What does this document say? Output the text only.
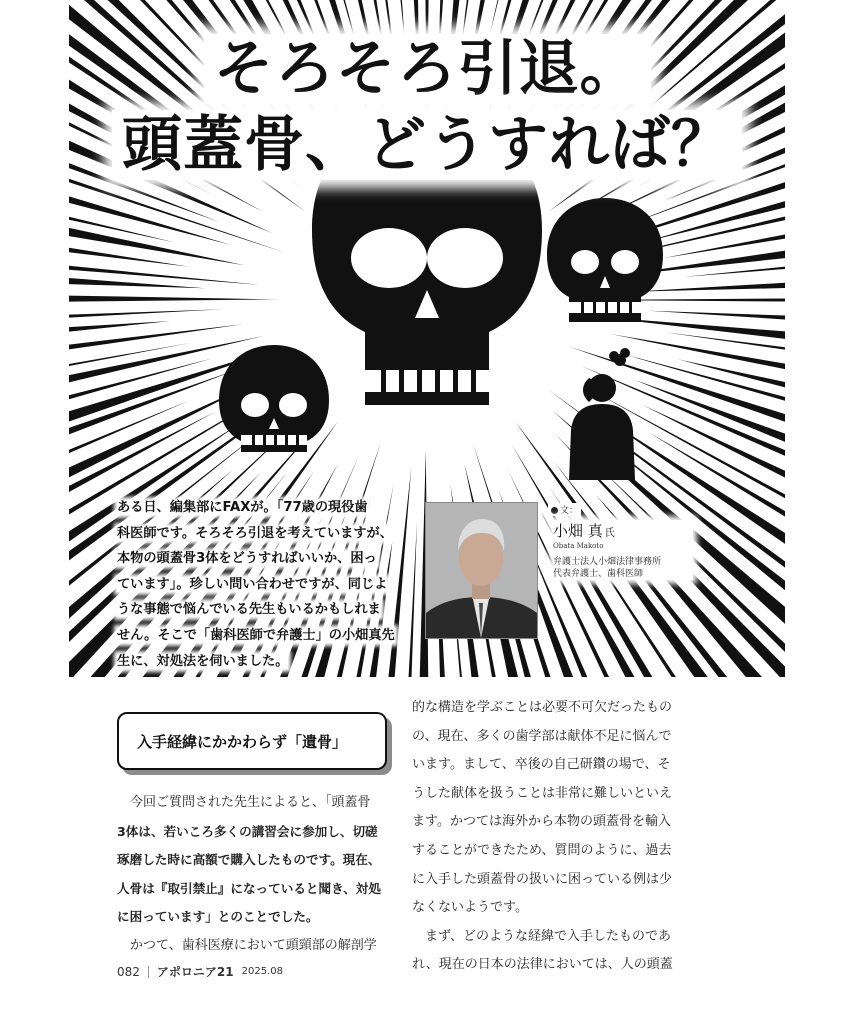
そろそろ引退。
頭蓋骨、どうすれば？

ある日、編集部にFAXが。「77歳の現役歯

科医師です。そろそろ引退を考えていますが、

本物の頭蓋骨3体をどうすればいいか、困っ

ています」。珍しい問い合わせですが、同じよ

うな事態で悩んでいる先生もいるかもしれま

せん。そこで「歯科医師で弁護士」の小畑真先

生に、対処法を伺いました。

文：
小畑 真 氏
Obata Makoto
弁護士法人小畑法律事務所
代表弁護士、歯科医師
入手経緯にかかわらず「遺骨」

　今回ご質問された先生によると、「頭蓋骨

3体は、若いころ多くの講習会に参加し、切磋

琢磨した時に高額で購入したものです。現在、

人骨は『取引禁止』になっていると聞き、対処

に困っています」とのことでした。

　かつて、歯科医療において頭頸部の解剖学

的な構造を学ぶことは必要不可欠だったもの

の、現在、多くの歯学部は献体不足に悩んで

います。まして、卒後の自己研鑽の場で、そ

うした献体を扱うことは非常に難しいといえ

ます。かつては海外から本物の頭蓋骨を輸入

することができたため、質問のように、過去

に入手した頭蓋骨の扱いに困っている例は少

なくないようです。

　まず、どのような経緯で入手したものであ

れ、現在の日本の法律においては、人の頭蓋

082 アポロニア21 2025.08
